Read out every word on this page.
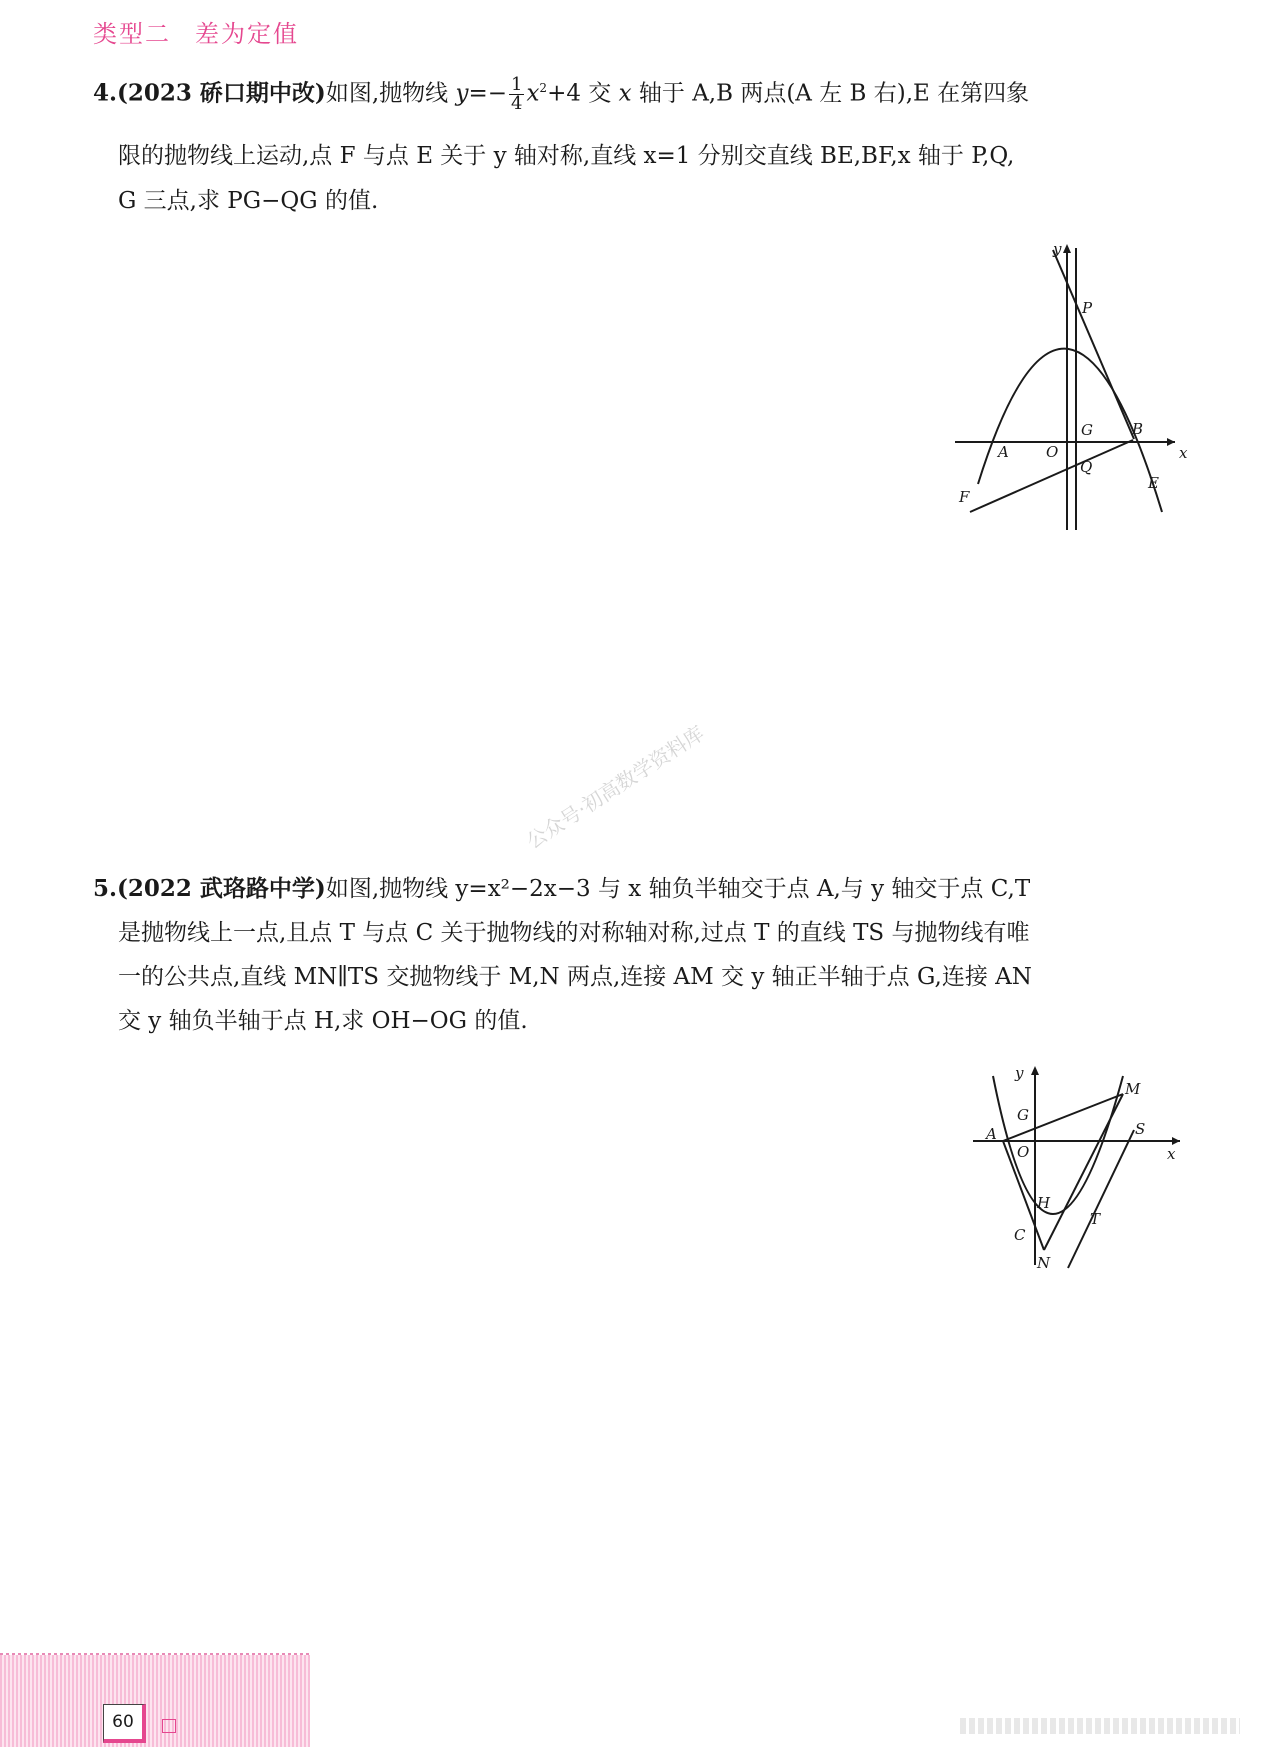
类型二 差为定值
4.(2023 硚口期中改)如图,抛物线 $y=- \frac{1}{4} x^2+4$ 交 x 轴于 A,B 两点(A 左 B 右),E 在第四象
限的抛物线上运动,点 F 与点 E 关于 y 轴对称,直线 x=1 分别交直线 BE,BF,x 轴于 P,Q,
G 三点,求 PG−QG 的值.
y
x
P
G	B
A O
Q
E
F
公众号·初高数学资料库
5.(2022 武珞路中学)如图,抛物线 y=x²−2x−3 与 x 轴负半轴交于点 A,与 y 轴交于点 C,T
是抛物线上一点,且点 T 与点 C 关于抛物线的对称轴对称,过点 T 的直线 TS 与抛物线有唯
一的公共点,直线 MN∥TS 交抛物线于 M,N 两点,连接 AM 交 y 轴正半轴于点 G,连接 AN
交 y 轴负半轴于点 H,求 OH−OG 的值.
y
x
M
G
A
O
S
H
T
C
N
60
